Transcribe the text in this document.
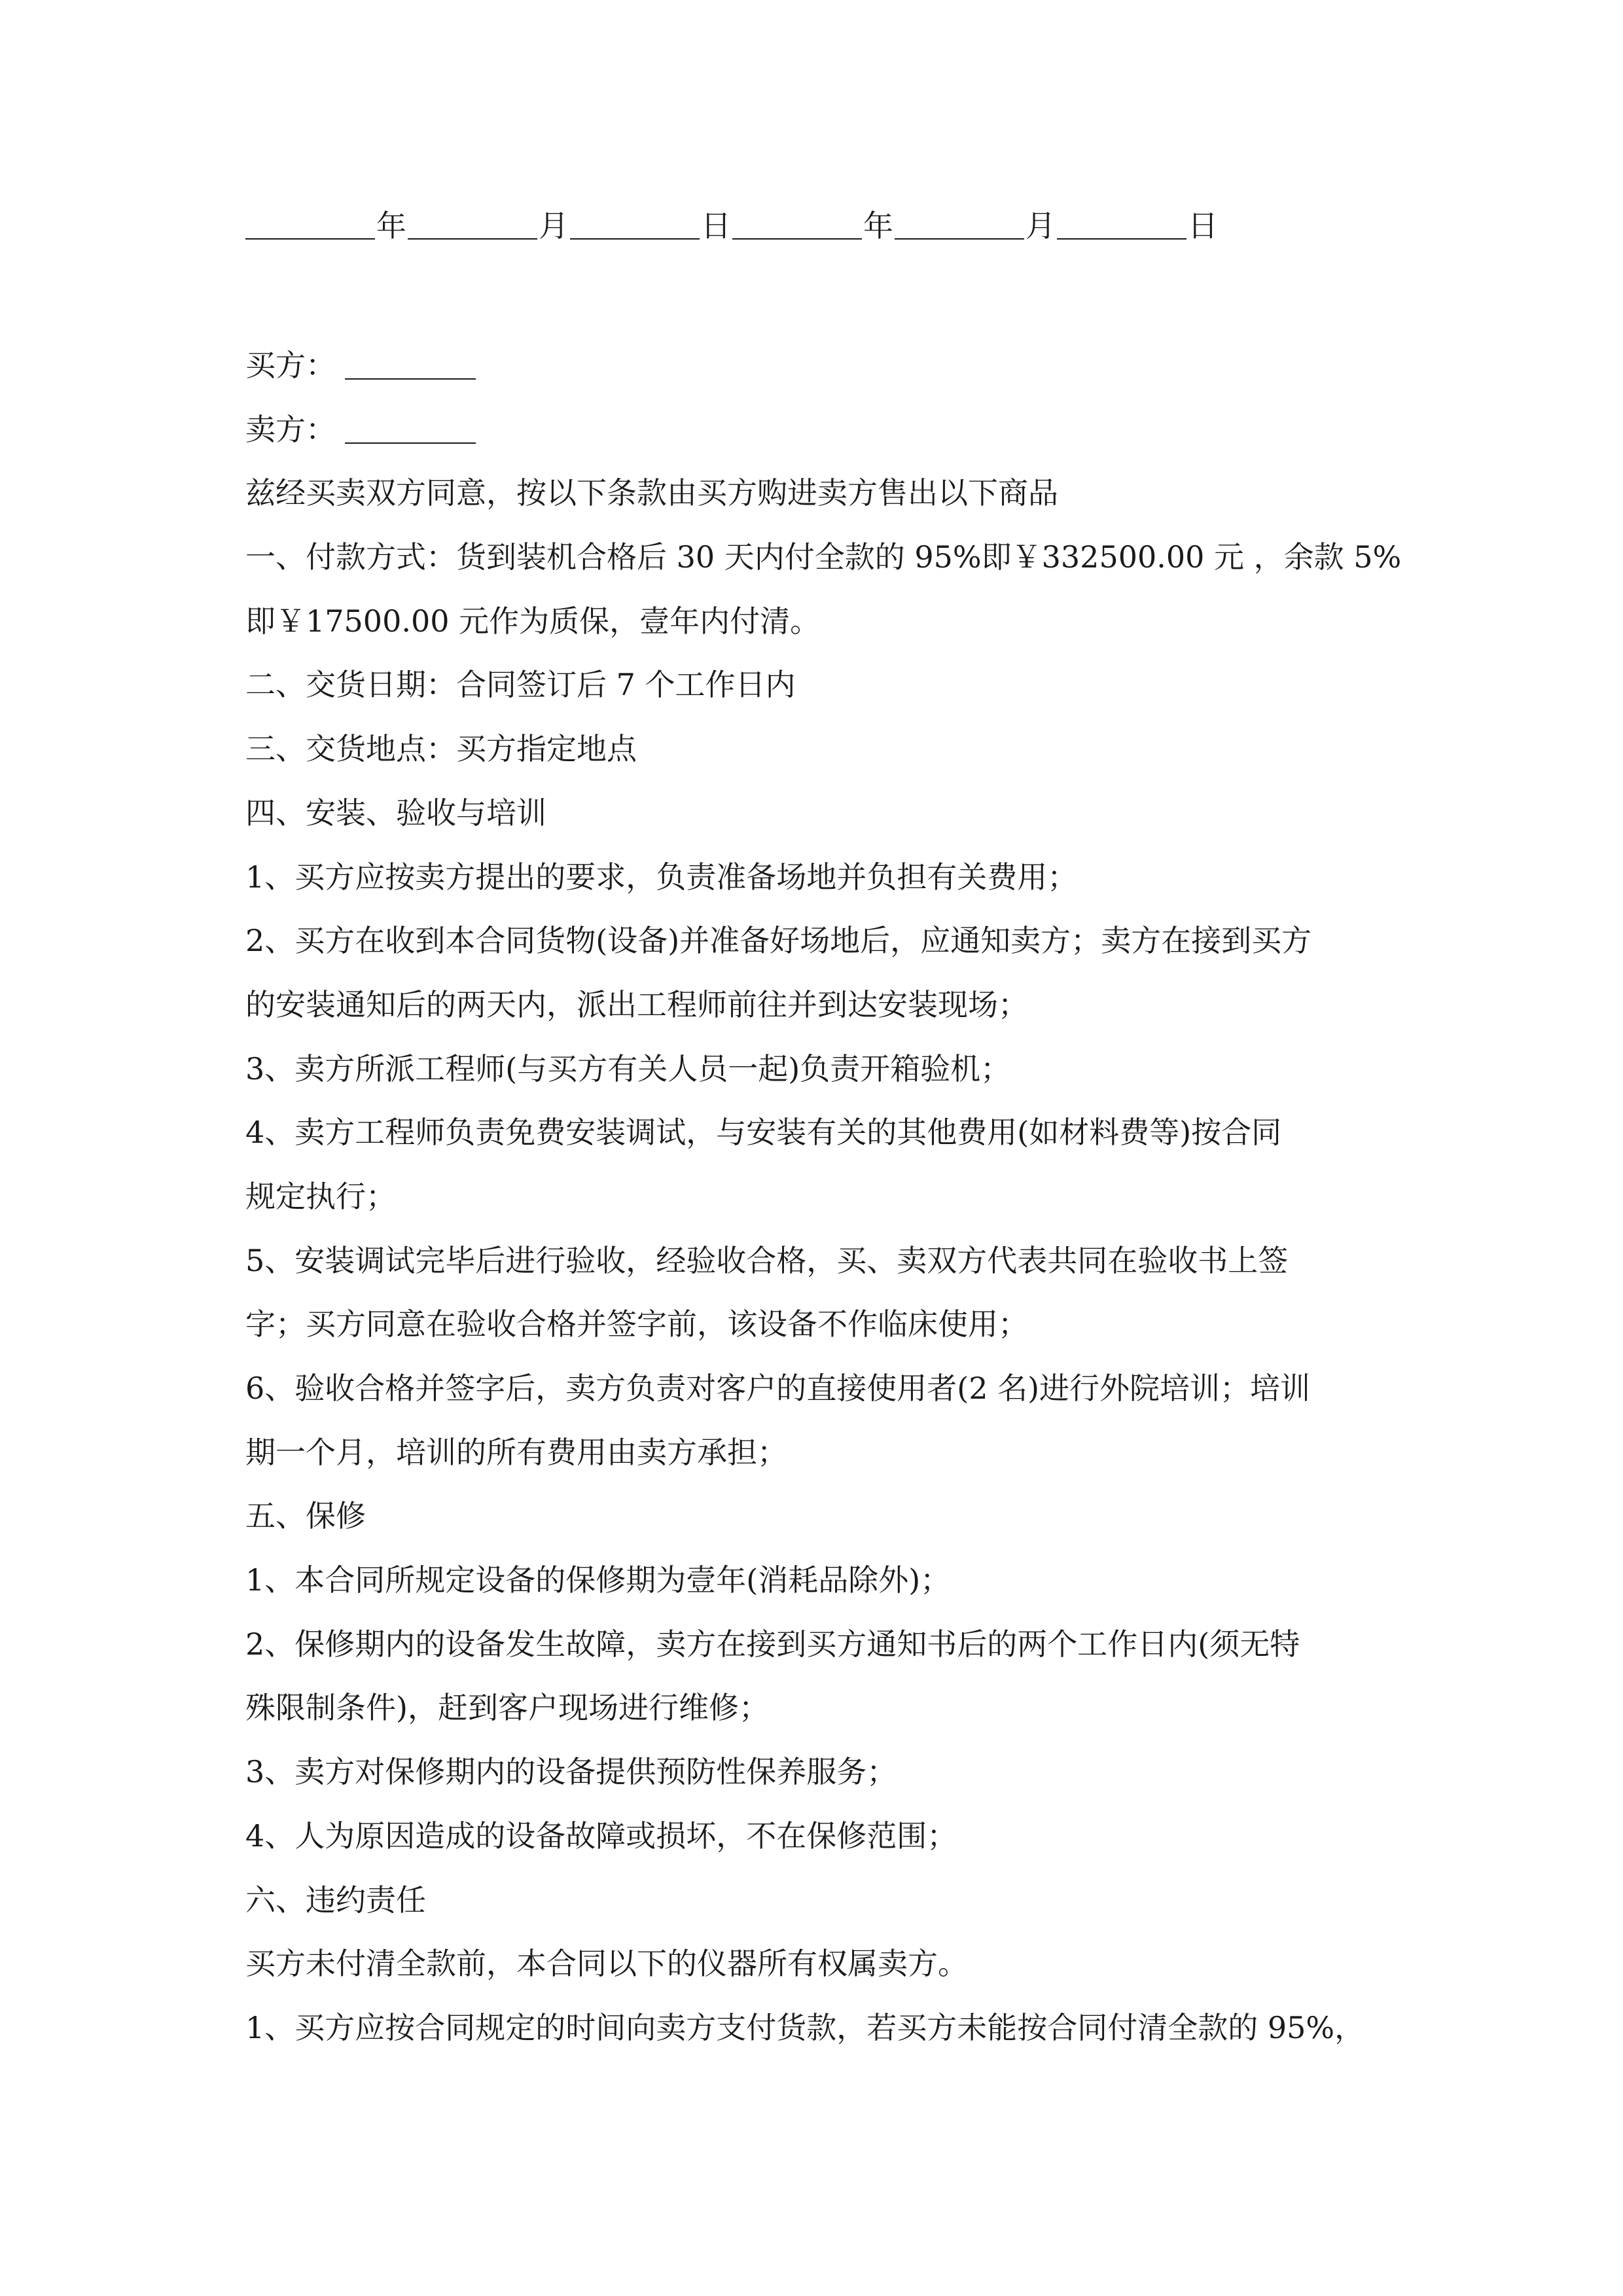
年	月	日	年	月	日
买方：
卖方：
兹经买卖双方同意，按以下条款由买方购进卖方售出以下商品
一、付款方式：货到装机合格后 30 天内付全款的 95%即￥332500.00 元 ，余款 5%
即￥17500.00 元作为质保，壹年内付清。
二、交货日期：合同签订后 7 个工作日内
三、交货地点：买方指定地点
四、安装、验收与培训
1、买方应按卖方提出的要求，负责准备场地并负担有关费用；
2、买方在收到本合同货物(设备)并准备好场地后，应通知卖方；卖方在接到买方
的安装通知后的两天内，派出工程师前往并到达安装现场；
3、卖方所派工程师(与买方有关人员一起)负责开箱验机；
4、卖方工程师负责免费安装调试，与安装有关的其他费用(如材料费等)按合同
规定执行；
5、安装调试完毕后进行验收，经验收合格，买、卖双方代表共同在验收书上签
字；买方同意在验收合格并签字前，该设备不作临床使用；
6、验收合格并签字后，卖方负责对客户的直接使用者(2 名)进行外院培训；培训
期一个月，培训的所有费用由卖方承担；
五、保修
1、本合同所规定设备的保修期为壹年(消耗品除外)；
2、保修期内的设备发生故障，卖方在接到买方通知书后的两个工作日内(须无特
殊限制条件)，赶到客户现场进行维修；
3、卖方对保修期内的设备提供预防性保养服务；
4、人为原因造成的设备故障或损坏，不在保修范围；
六、违约责任
买方未付清全款前，本合同以下的仪器所有权属卖方。
1、买方应按合同规定的时间向卖方支付货款，若买方未能按合同付清全款的 95%，
